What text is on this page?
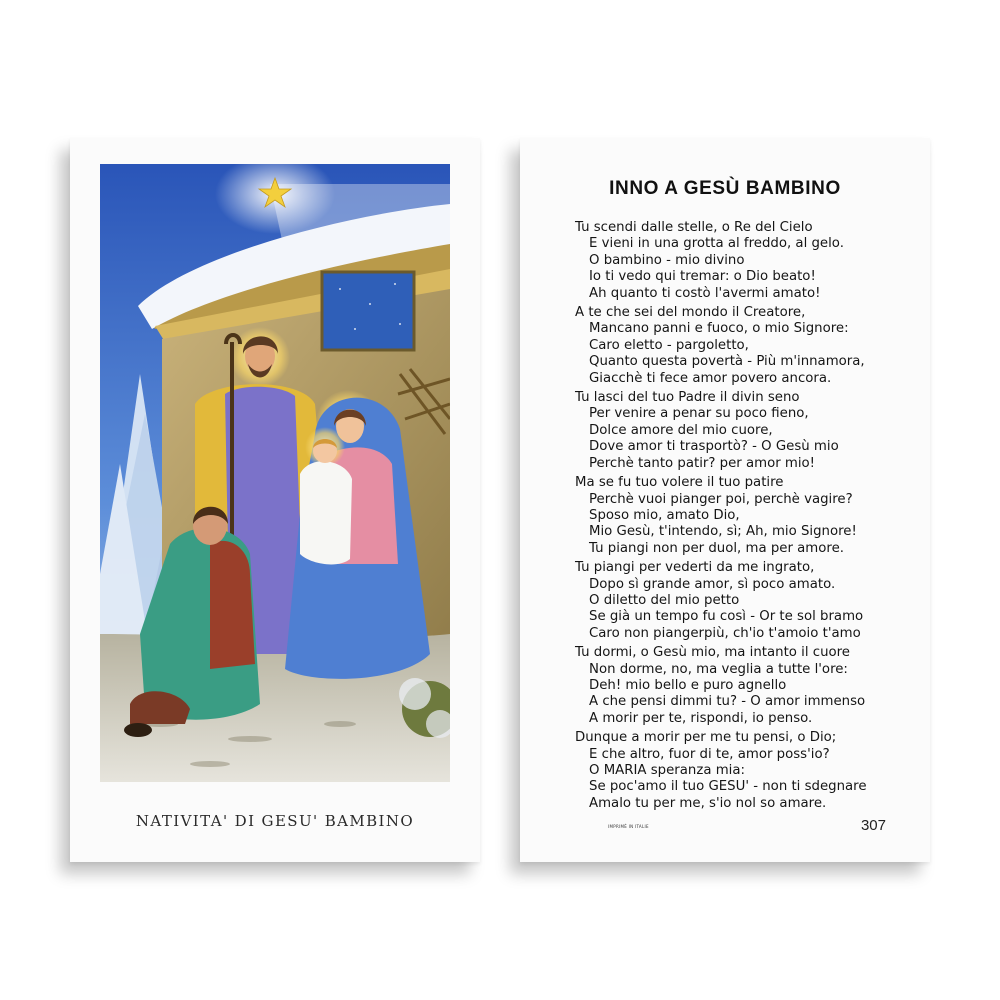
NATIVITA' DI GESU' BAMBINO
INNO A GESÙ BAMBINO
Tu scendi dalle stelle, o Re del Cielo
E vieni in una grotta al freddo, al gelo.
O bambino - mio divino
Io ti vedo qui tremar: o Dio beato!
Ah quanto ti costò l'avermi amato!
A te che sei del mondo il Creatore,
Mancano panni e fuoco, o mio Signore:
Caro eletto - pargoletto,
Quanto questa povertà - Più m'innamora,
Giacchè ti fece amor povero ancora.
Tu lasci del tuo Padre il divin seno
Per venire a penar su poco fieno,
Dolce amore del mio cuore,
Dove amor ti trasportò? - O Gesù mio
Perchè tanto patir? per amor mio!
Ma se fu tuo volere il tuo patire
Perchè vuoi pianger poi, perchè vagire?
Sposo mio, amato Dio,
Mio Gesù, t'intendo, sì; Ah, mio Signore!
Tu piangi non per duol, ma per amore.
Tu piangi per vederti da me ingrato,
Dopo sì grande amor, sì poco amato.
O diletto del mio petto
Se già un tempo fu così - Or te sol bramo
Caro non piangerpiù, ch'io t'amoio t'amo
Tu dormi, o Gesù mio, ma intanto il cuore
Non dorme, no, ma veglia a tutte l'ore:
Deh! mio bello e puro agnello
A che pensi dimmi tu? - O amor immenso
A morir per te, rispondi, io penso.
Dunque a morir per me tu pensi, o Dio;
E che altro, fuor di te, amor poss'io?
O MARIA speranza mia:
Se poc'amo il tuo GESU' - non ti sdegnare
Amalo tu per me, s'io nol so amare.
IMPRIMÉ IN ITALIE	307
